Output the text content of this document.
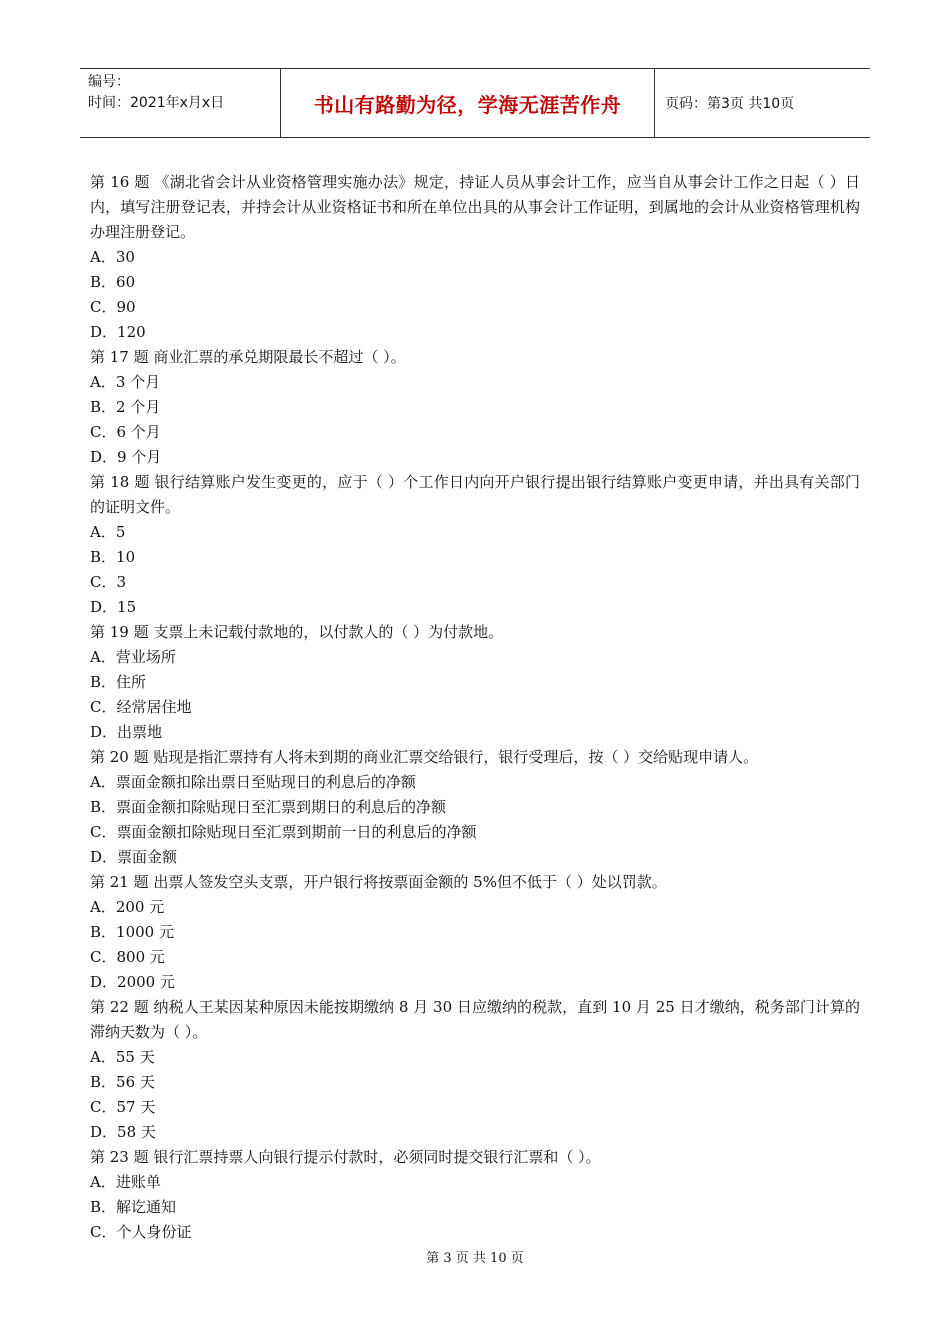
编号：
时间：2021年x月x日	书山有路勤为径，学海无涯苦作舟	页码：第3页 共10页
第 16 题 《湖北省会计从业资格管理实施办法》规定，持证人员从事会计工作，应当自从事会计工作之日起（ ）日内，填写注册登记表，并持会计从业资格证书和所在单位出具的从事会计工作证明，到属地的会计从业资格管理机构办理注册登记。
A．30
B．60
C．90
D．120
第 17 题 商业汇票的承兑期限最长不超过（ ）。
A．3 个月
B．2 个月
C．6 个月
D．9 个月
第 18 题 银行结算账户发生变更的，应于（ ）个工作日内向开户银行提出银行结算账户变更申请，并出具有关部门的证明文件。
A．5
B．10
C．3
D．15
第 19 题 支票上未记载付款地的，以付款人的（ ）为付款地。
A．营业场所
B．住所
C．经常居住地
D．出票地
第 20 题 贴现是指汇票持有人将未到期的商业汇票交给银行，银行受理后，按（ ）交给贴现申请人。
A．票面金额扣除出票日至贴现日的利息后的净额
B．票面金额扣除贴现日至汇票到期日的利息后的净额
C．票面金额扣除贴现日至汇票到期前一日的利息后的净额
D．票面金额
第 21 题 出票人签发空头支票，开户银行将按票面金额的 5%但不低于（ ）处以罚款。
A．200 元
B．1000 元
C．800 元
D．2000 元
第 22 题 纳税人王某因某种原因未能按期缴纳 8 月 30 日应缴纳的税款，直到 10 月 25 日才缴纳，税务部门计算的滞纳天数为（ ）。
A．55 天
B．56 天
C．57 天
D．58 天
第 23 题 银行汇票持票人向银行提示付款时，必须同时提交银行汇票和（ ）。
A．进账单
B．解讫通知
C．个人身份证
第 3 页 共 10 页
